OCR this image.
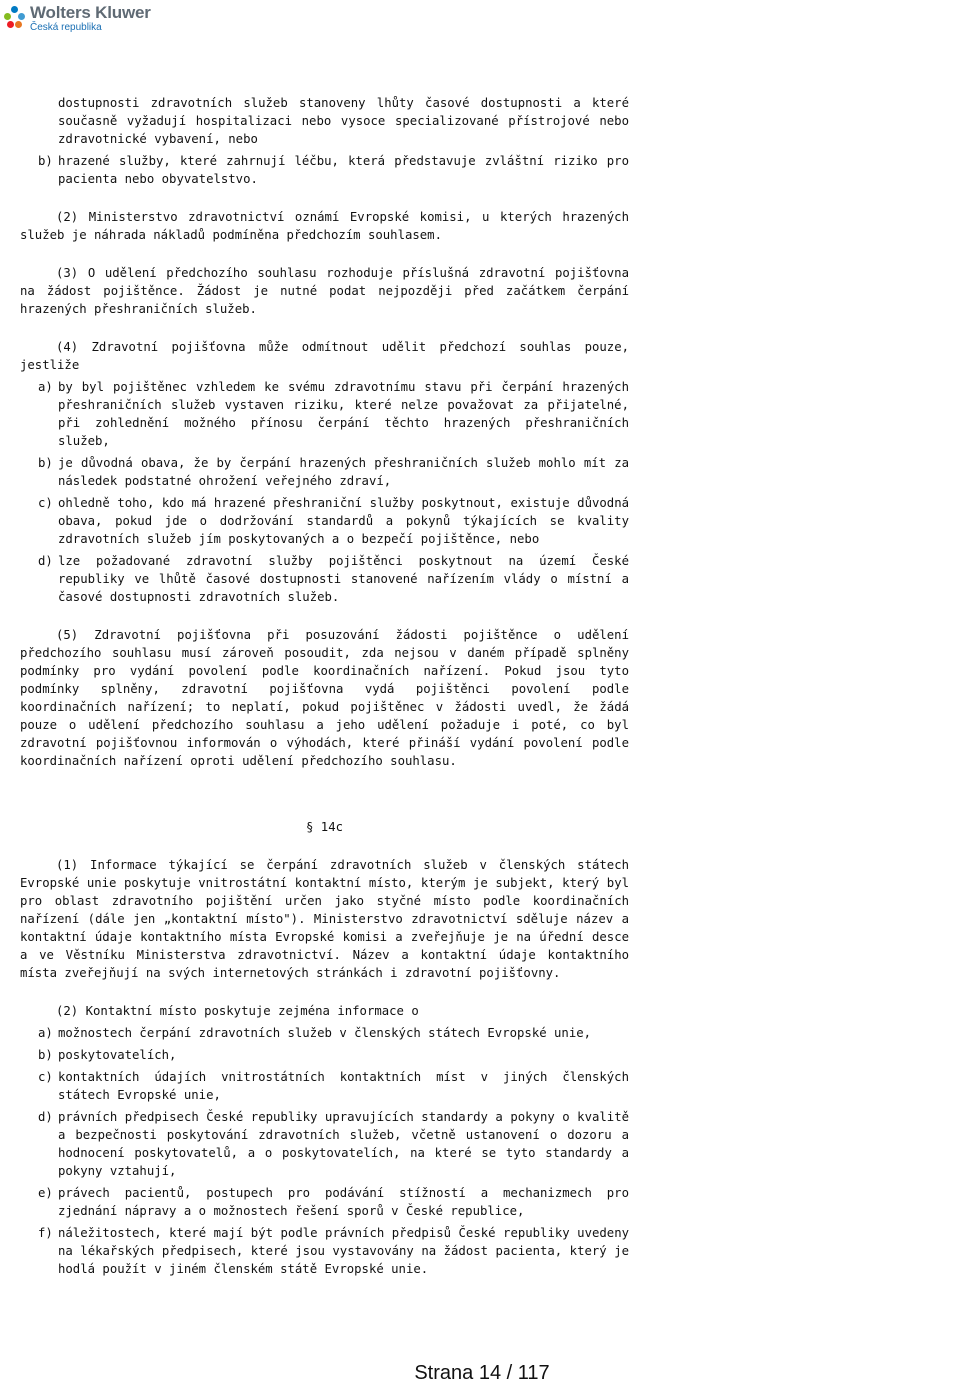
Wolters Kluwer
Česká republika
dostupnosti zdravotních služeb stanoveny lhůty časové dostupnosti a které současně vyžadují hospitalizaci nebo vysoce specializované přístrojové nebo zdravotnické vybavení, nebo
b) hrazené služby, které zahrnují léčbu, která představuje zvláštní riziko pro pacienta nebo obyvatelstvo.
(2) Ministerstvo zdravotnictví oznámí Evropské komisi, u kterých hrazených služeb je náhrada nákladů podmíněna předchozím souhlasem.
(3) O udělení předchozího souhlasu rozhoduje příslušná zdravotní pojišťovna na žádost pojištěnce. Žádost je nutné podat nejpozději před začátkem čerpání hrazených přeshraničních služeb.
(4) Zdravotní pojišťovna může odmítnout udělit předchozí souhlas pouze, jestliže
a) by byl pojištěnec vzhledem ke svému zdravotnímu stavu při čerpání hrazených přeshraničních služeb vystaven riziku, které nelze považovat za přijatelné, při zohlednění možného přínosu čerpání těchto hrazených přeshraničních služeb,
b) je důvodná obava, že by čerpání hrazených přeshraničních služeb mohlo mít za následek podstatné ohrožení veřejného zdraví,
c) ohledně toho, kdo má hrazené přeshraniční služby poskytnout, existuje důvodná obava, pokud jde o dodržování standardů a pokynů týkajících se kvality zdravotních služeb jím poskytovaných a o bezpečí pojištěnce, nebo
d) lze požadované zdravotní služby pojištěnci poskytnout na území České republiky ve lhůtě časové dostupnosti stanovené nařízením vlády o místní a časové dostupnosti zdravotních služeb.
(5) Zdravotní pojišťovna při posuzování žádosti pojištěnce o udělení předchozího souhlasu musí zároveň posoudit, zda nejsou v daném případě splněny podmínky pro vydání povolení podle koordinačních nařízení. Pokud jsou tyto podmínky splněny, zdravotní pojišťovna vydá pojištěnci povolení podle koordinačních nařízení; to neplatí, pokud pojištěnec v žádosti uvedl, že žádá pouze o udělení předchozího souhlasu a jeho udělení požaduje i poté, co byl zdravotní pojišťovnou informován o výhodách, které přináší vydání povolení podle koordinačních nařízení oproti udělení předchozího souhlasu.
§ 14c
(1) Informace týkající se čerpání zdravotních služeb v členských státech Evropské unie poskytuje vnitrostátní kontaktní místo, kterým je subjekt, který byl pro oblast zdravotního pojištění určen jako styčné místo podle koordinačních nařízení (dále jen „kontaktní místo"). Ministerstvo zdravotnictví sděluje název a kontaktní údaje kontaktního místa Evropské komisi a zveřejňuje je na úřední desce a ve Věstníku Ministerstva zdravotnictví. Název a kontaktní údaje kontaktního místa zveřejňují na svých internetových stránkách i zdravotní pojišťovny.
(2) Kontaktní místo poskytuje zejména informace o
a) možnostech čerpání zdravotních služeb v členských státech Evropské unie,
b) poskytovatelích,
c) kontaktních údajích vnitrostátních kontaktních míst v jiných členských státech Evropské unie,
d) právních předpisech České republiky upravujících standardy a pokyny o kvalitě a bezpečnosti poskytování zdravotních služeb, včetně ustanovení o dozoru a hodnocení poskytovatelů, a o poskytovatelích, na které se tyto standardy a pokyny vztahují,
e) právech pacientů, postupech pro podávání stížností a mechanizmech pro zjednání nápravy a o možnostech řešení sporů v České republice,
f) náležitostech, které mají být podle právních předpisů České republiky uvedeny na lékařských předpisech, které jsou vystavovány na žádost pacienta, který je hodlá použít v jiném členském státě Evropské unie.
Strana 14 / 117
